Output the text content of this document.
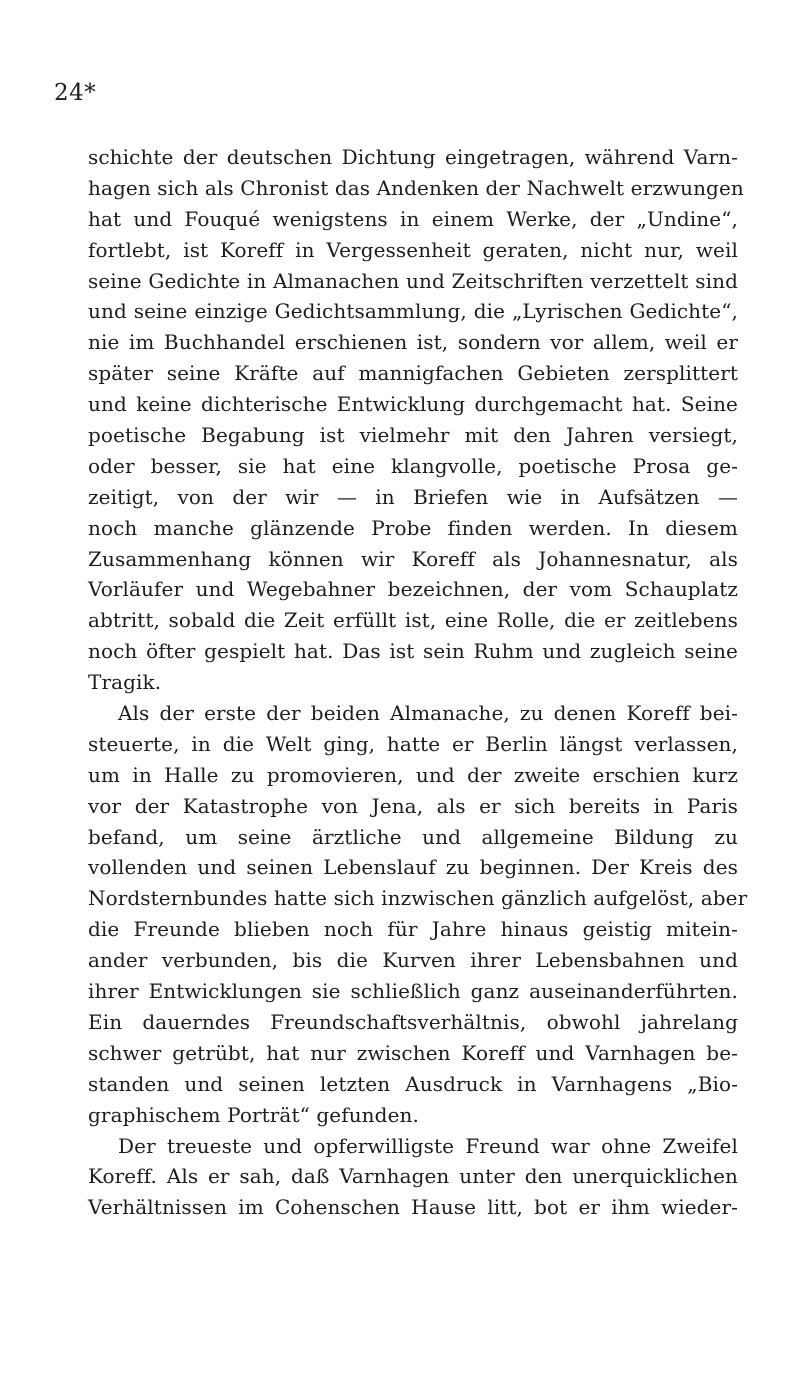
24*
schichte der deutschen Dichtung eingetragen, während Varn-
hagen sich als Chronist das Andenken der Nachwelt erzwungen
hat und Fouqué wenigstens in einem Werke, der „Undine“,
fortlebt, ist Koreff in Vergessenheit geraten, nicht nur, weil
seine Gedichte in Almanachen und Zeitschriften verzettelt sind
und seine einzige Gedichtsammlung, die „Lyrischen Gedichte“,
nie im Buchhandel erschienen ist, sondern vor allem, weil er
später seine Kräfte auf mannigfachen Gebieten zersplittert
und keine dichterische Entwicklung durchgemacht hat. Seine
poetische Begabung ist vielmehr mit den Jahren versiegt,
oder besser, sie hat eine klangvolle, poetische Prosa ge-
zeitigt, von der wir — in Briefen wie in Aufsätzen —
noch manche glänzende Probe finden werden. In diesem
Zusammenhang können wir Koreff als Johannesnatur, als
Vorläufer und Wegebahner bezeichnen, der vom Schauplatz
abtritt, sobald die Zeit erfüllt ist, eine Rolle, die er zeitlebens
noch öfter gespielt hat. Das ist sein Ruhm und zugleich seine
Tragik.
Als der erste der beiden Almanache, zu denen Koreff bei-
steuerte, in die Welt ging, hatte er Berlin längst verlassen,
um in Halle zu promovieren, und der zweite erschien kurz
vor der Katastrophe von Jena, als er sich bereits in Paris
befand, um seine ärztliche und allgemeine Bildung zu
vollenden und seinen Lebenslauf zu beginnen. Der Kreis des
Nordsternbundes hatte sich inzwischen gänzlich aufgelöst, aber
die Freunde blieben noch für Jahre hinaus geistig mitein-
ander verbunden, bis die Kurven ihrer Lebensbahnen und
ihrer Entwicklungen sie schließlich ganz auseinanderführten.
Ein dauerndes Freundschaftsverhältnis, obwohl jahrelang
schwer getrübt, hat nur zwischen Koreff und Varnhagen be-
standen und seinen letzten Ausdruck in Varnhagens „Bio-
graphischem Porträt“ gefunden.
Der treueste und opferwilligste Freund war ohne Zweifel
Koreff. Als er sah, daß Varnhagen unter den unerquicklichen
Verhältnissen im Cohenschen Hause litt, bot er ihm wieder-
